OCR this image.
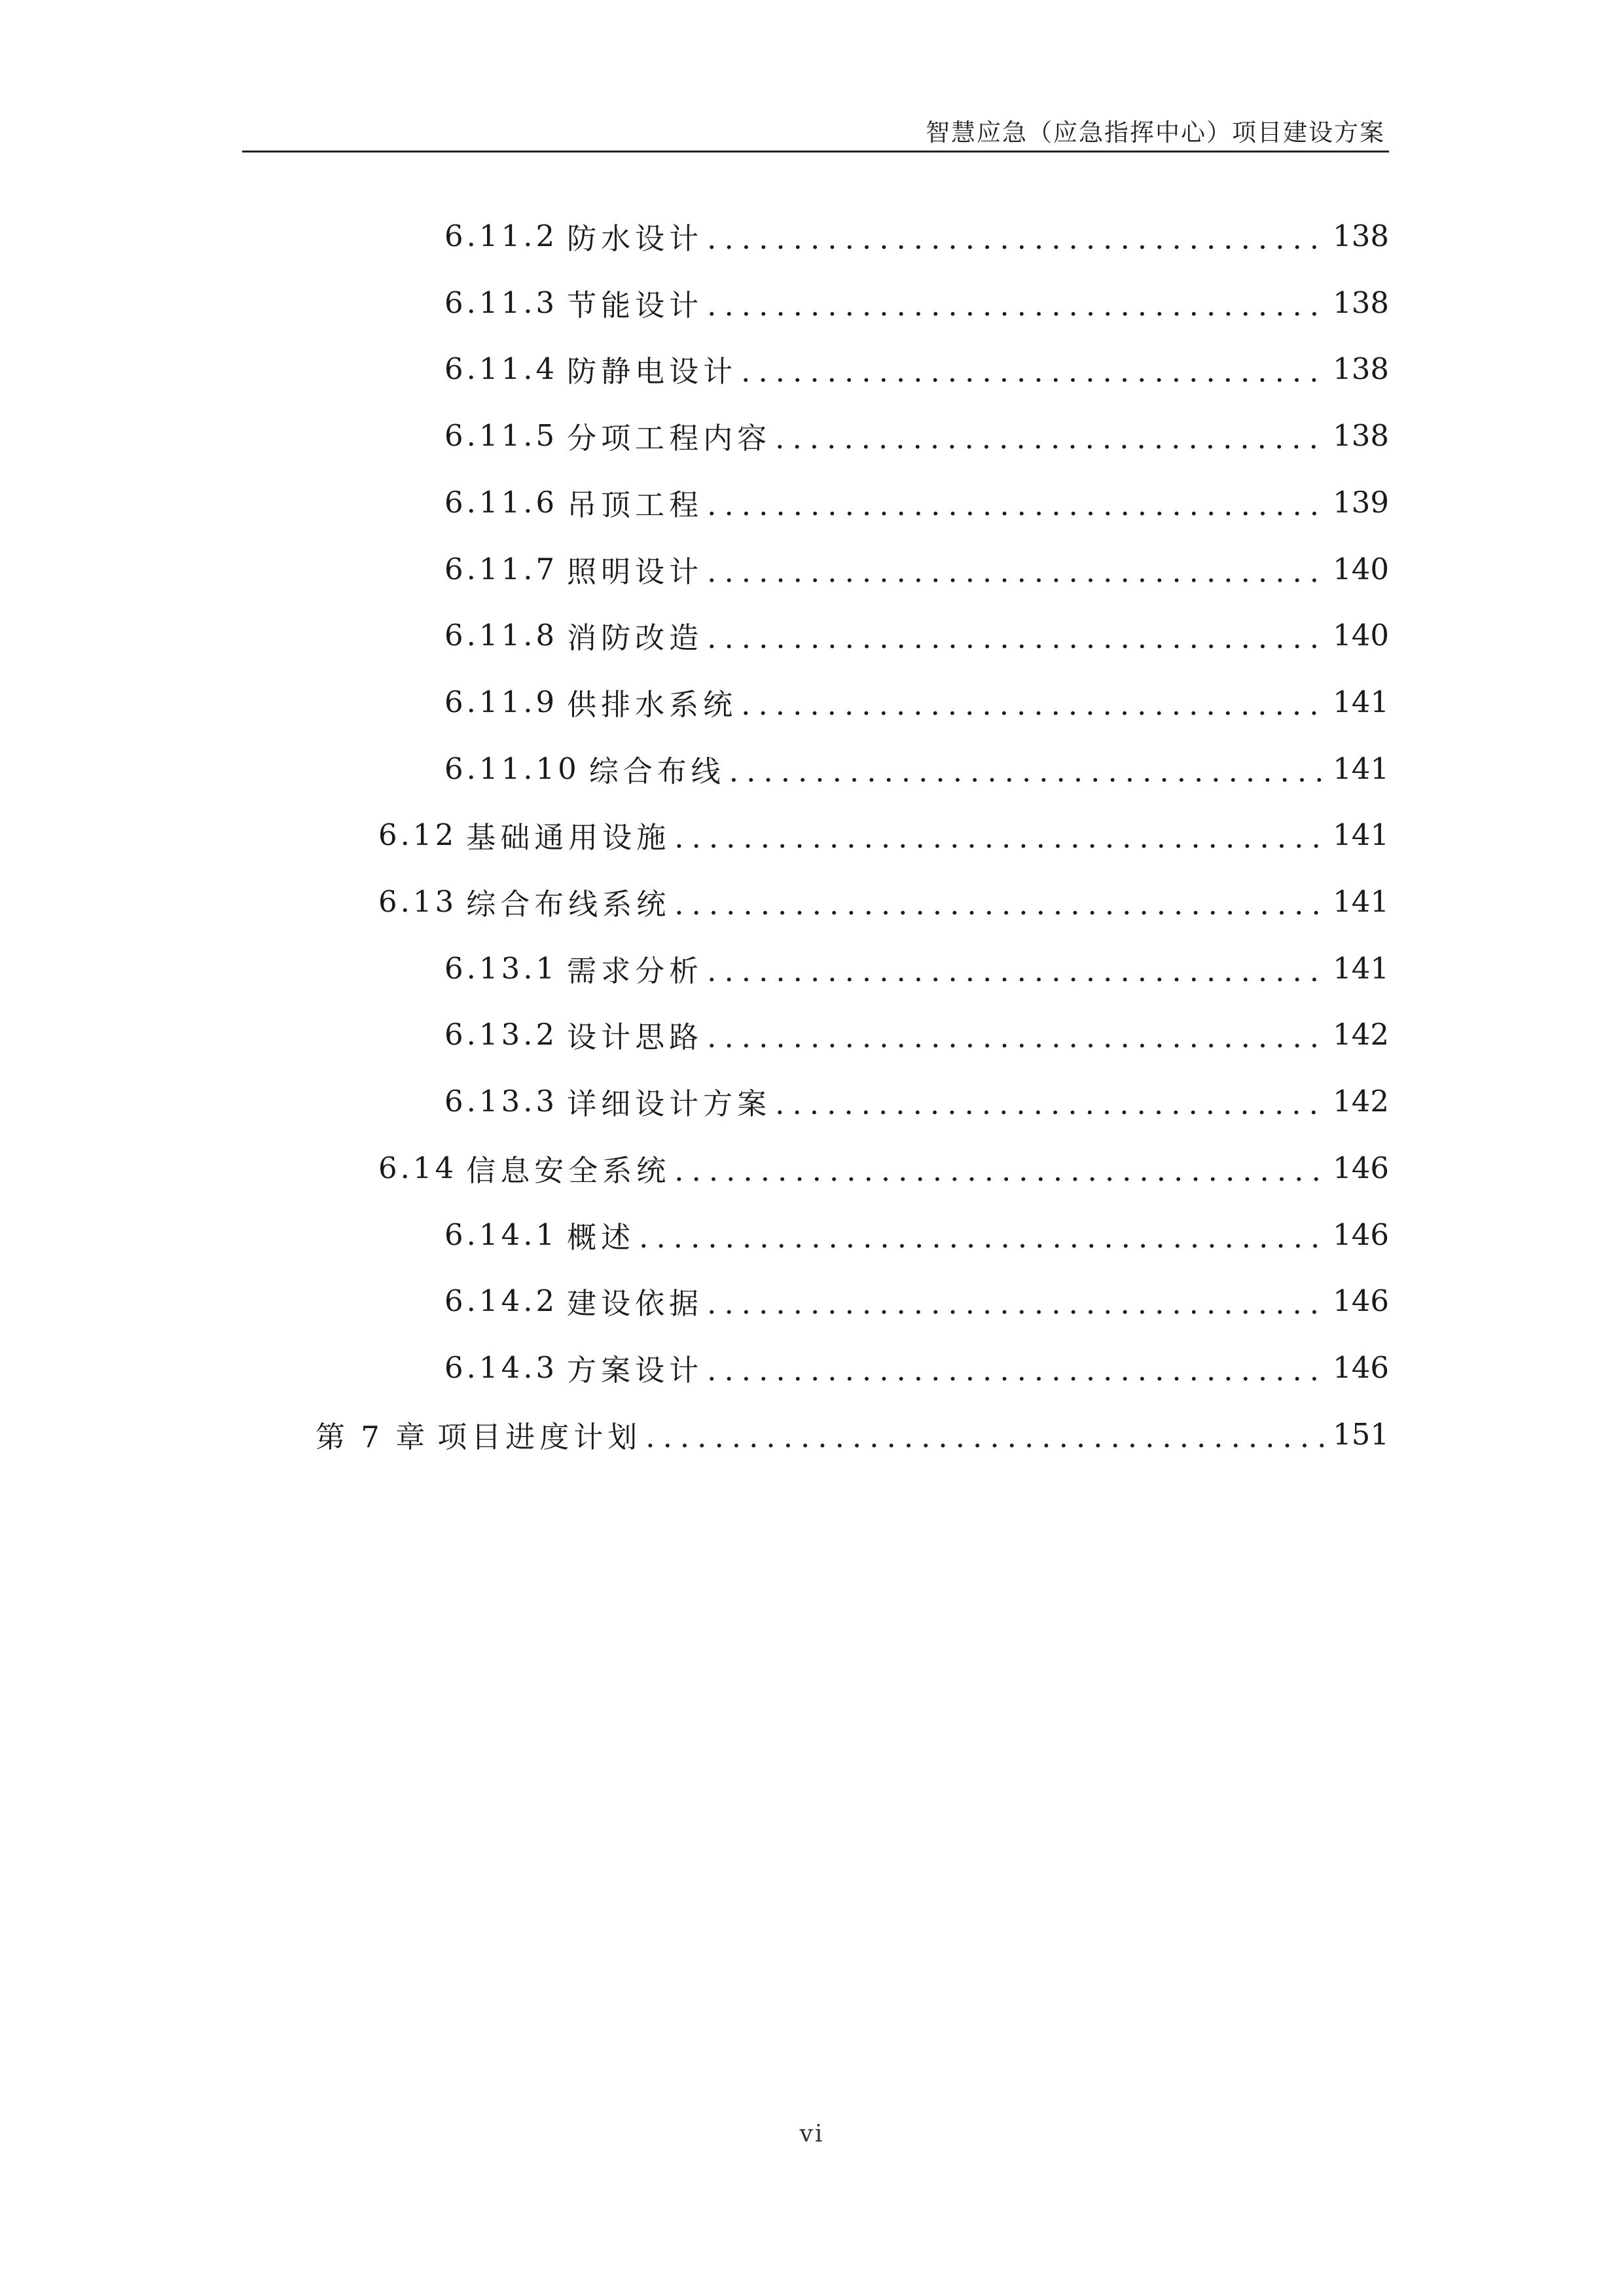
智慧应急（应急指挥中心）项目建设方案
6.11.2 防水设计 .....	138
6.11.3 节能设计 .....	138
6.11.4 防静电设计 .....	138
6.11.5 分项工程内容 .....	138
6.11.6 吊顶工程 .....	139
6.11.7 照明设计 .....	140
6.11.8 消防改造 .....	140
6.11.9 供排水系统 .....	141
6.11.10 综合布线 .....	141
6.12 基础通用设施 .....	141
6.13 综合布线系统 .....	141
6.13.1 需求分析 .....	141
6.13.2 设计思路 .....	142
6.13.3 详细设计方案 .....	142
6.14 信息安全系统 .....	146
6.14.1 概述 .....	146
6.14.2 建设依据 .....	146
6.14.3 方案设计 .....	146
第 7 章 项目进度计划 .....	151
vi
